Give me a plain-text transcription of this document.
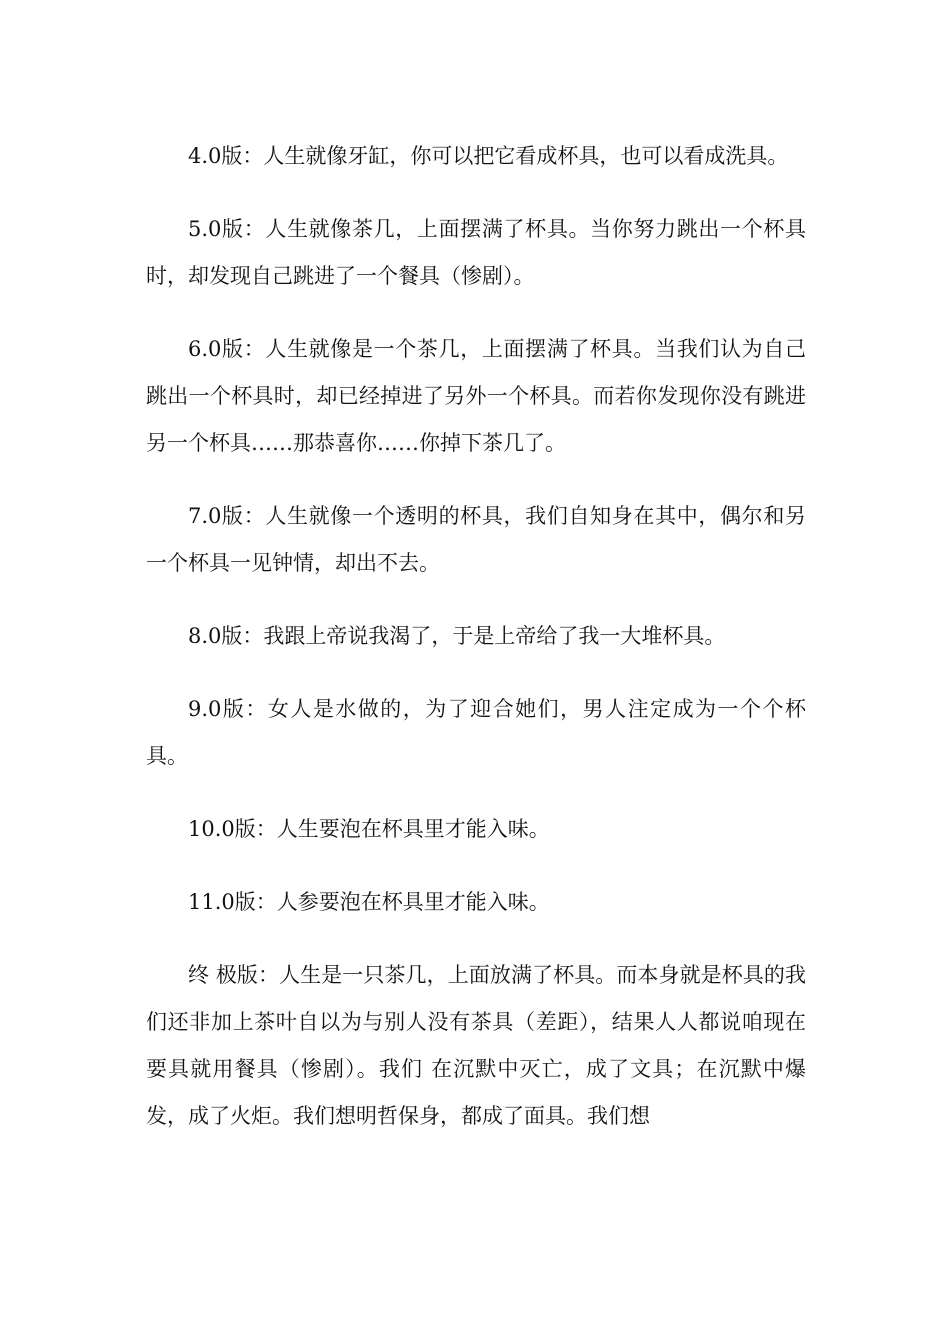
4.0版：人生就像牙缸，你可以把它看成杯具，也可以看成洗具。

5.0版：人生就像茶几，上面摆满了杯具。当你努力跳出一个杯具时，却发现自己跳进了一个餐具（惨剧）。

6.0版：人生就像是一个茶几，上面摆满了杯具。当我们认为自己跳出一个杯具时，却已经掉进了另外一个杯具。而若你发现你没有跳进另一个杯具……那恭喜你……你掉下茶几了。

7.0版：人生就像一个透明的杯具，我们自知身在其中，偶尔和另一个杯具一见钟情，却出不去。

8.0版：我跟上帝说我渴了，于是上帝给了我一大堆杯具。

9.0版：女人是水做的，为了迎合她们，男人注定成为一个个杯具。

10.0版：人生要泡在杯具里才能入味。

11.0版：人参要泡在杯具里才能入味。

终 极版：人生是一只茶几，上面放满了杯具。而本身就是杯具的我们还非加上茶叶自以为与别人没有茶具（差距），结果人人都说咱现在要具就用餐具（惨剧）。我们 在沉默中灭亡，成了文具；在沉默中爆发，成了火炬。我们想明哲保身，都成了面具。我们想
